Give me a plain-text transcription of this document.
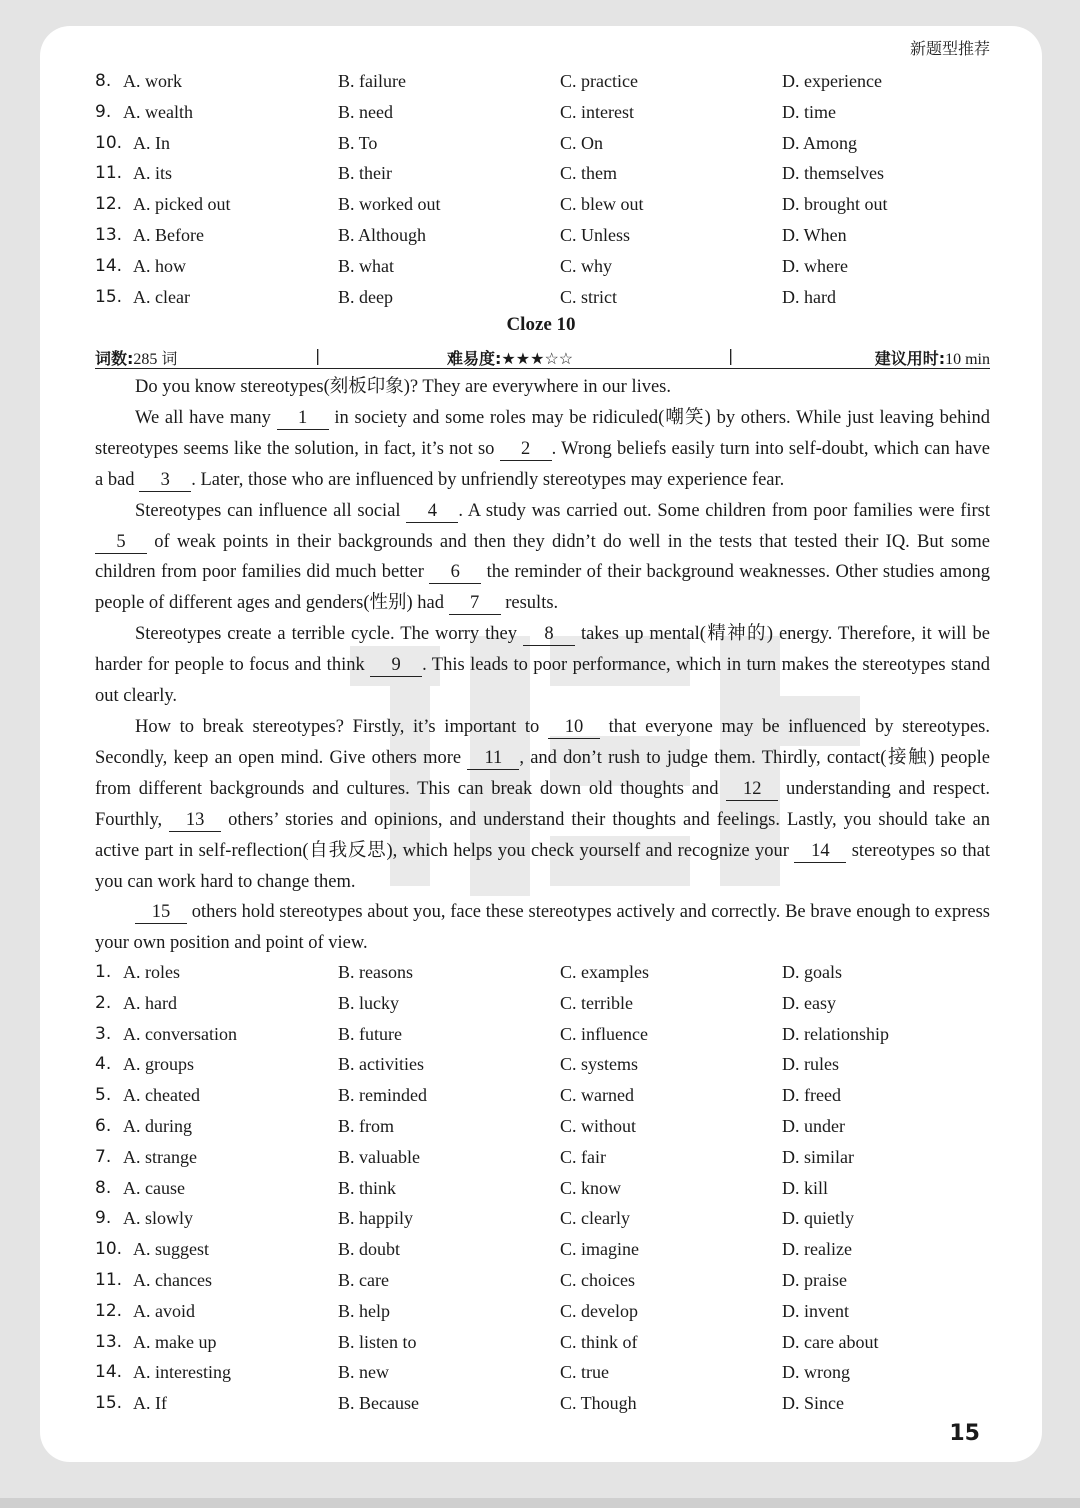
新题型推荐
8. A. work	B. failure	C. practice	D. experience
9. A. wealth	B. need	C. interest	D. time
10. A. In	B. To	C. On	D. Among
11. A. its	B. their	C. them	D. themselves
12. A. picked out	B. worked out	C. blew out	D. brought out
13. A. Before	B. Although	C. Unless	D. When
14. A. how	B. what	C. why	D. where
15. A. clear	B. deep	C. strict	D. hard
Cloze 10
词数:285 词	|	难易度:★★★☆☆	|	建议用时:10 min

Do you know stereotypes(刻板印象)? They are everywhere in our lives.

We all have many 1 in society and some roles may be ridiculed(嘲笑) by others. While just leaving behind stereotypes seems like the solution, in fact, it’s not so 2 . Wrong beliefs easily turn into self-doubt, which can have a bad 3 . Later, those who are influenced by unfriendly stereotypes may experience fear.

Stereotypes can influence all social 4 . A study was carried out. Some children from poor families were first 5 of weak points in their backgrounds and then they didn’t do well in the tests that tested their IQ. But some children from poor families did much better 6 the reminder of their background weaknesses. Other studies among people of different ages and genders(性别) had 7 results.

Stereotypes create a terrible cycle. The worry they 8 takes up mental(精神的) energy. Therefore, it will be harder for people to focus and think 9 . This leads to poor performance, which in turn makes the stereotypes stand out clearly.

How to break stereotypes? Firstly, it’s important to 10 that everyone may be influenced by stereotypes. Secondly, keep an open mind. Give others more 11 , and don’t rush to judge them. Thirdly, contact(接触) people from different backgrounds and cultures. This can break down old thoughts and 12 understanding and respect. Fourthly, 13 others’ stories and opinions, and understand their thoughts and feelings. Lastly, you should take an active part in self-reflection(自我反思), which helps you check yourself and recognize your 14 stereotypes so that you can work hard to change them.

15 others hold stereotypes about you, face these stereotypes actively and correctly. Be brave enough to express your own position and point of view.

1. A. roles	B. reasons	C. examples	D. goals
2. A. hard	B. lucky	C. terrible	D. easy
3. A. conversation	B. future	C. influence	D. relationship
4. A. groups	B. activities	C. systems	D. rules
5. A. cheated	B. reminded	C. warned	D. freed
6. A. during	B. from	C. without	D. under
7. A. strange	B. valuable	C. fair	D. similar
8. A. cause	B. think	C. know	D. kill
9. A. slowly	B. happily	C. clearly	D. quietly
10. A. suggest	B. doubt	C. imagine	D. realize
11. A. chances	B. care	C. choices	D. praise
12. A. avoid	B. help	C. develop	D. invent
13. A. make up	B. listen to	C. think of	D. care about
14. A. interesting	B. new	C. true	D. wrong
15. A. If	B. Because	C. Though	D. Since
15
